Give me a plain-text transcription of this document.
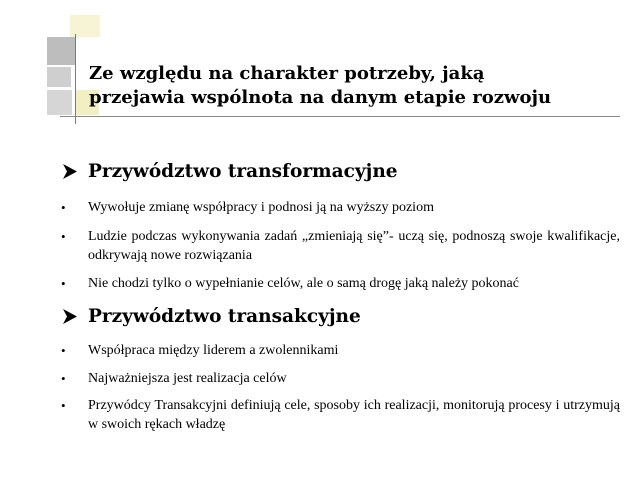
Ze względu na charakter potrzeby, jaką
przejawia wspólnota na danym etapie rozwoju
Przywództwo transformacyjne
• Wywołuje zmianę współpracy i podnosi ją na wyższy poziom
• Ludzie podczas wykonywania zadań „zmieniają się”- uczą się, podnoszą swoje kwalifikacje, odkrywają nowe rozwiązania
• Nie chodzi tylko o wypełnianie celów, ale o samą drogę jaką należy pokonać
Przywództwo transakcyjne
• Współpraca między liderem a zwolennikami
• Najważniejsza jest realizacja celów
• Przywódcy Transakcyjni definiują cele, sposoby ich realizacji, monitorują procesy i utrzymują w swoich rękach władzę
